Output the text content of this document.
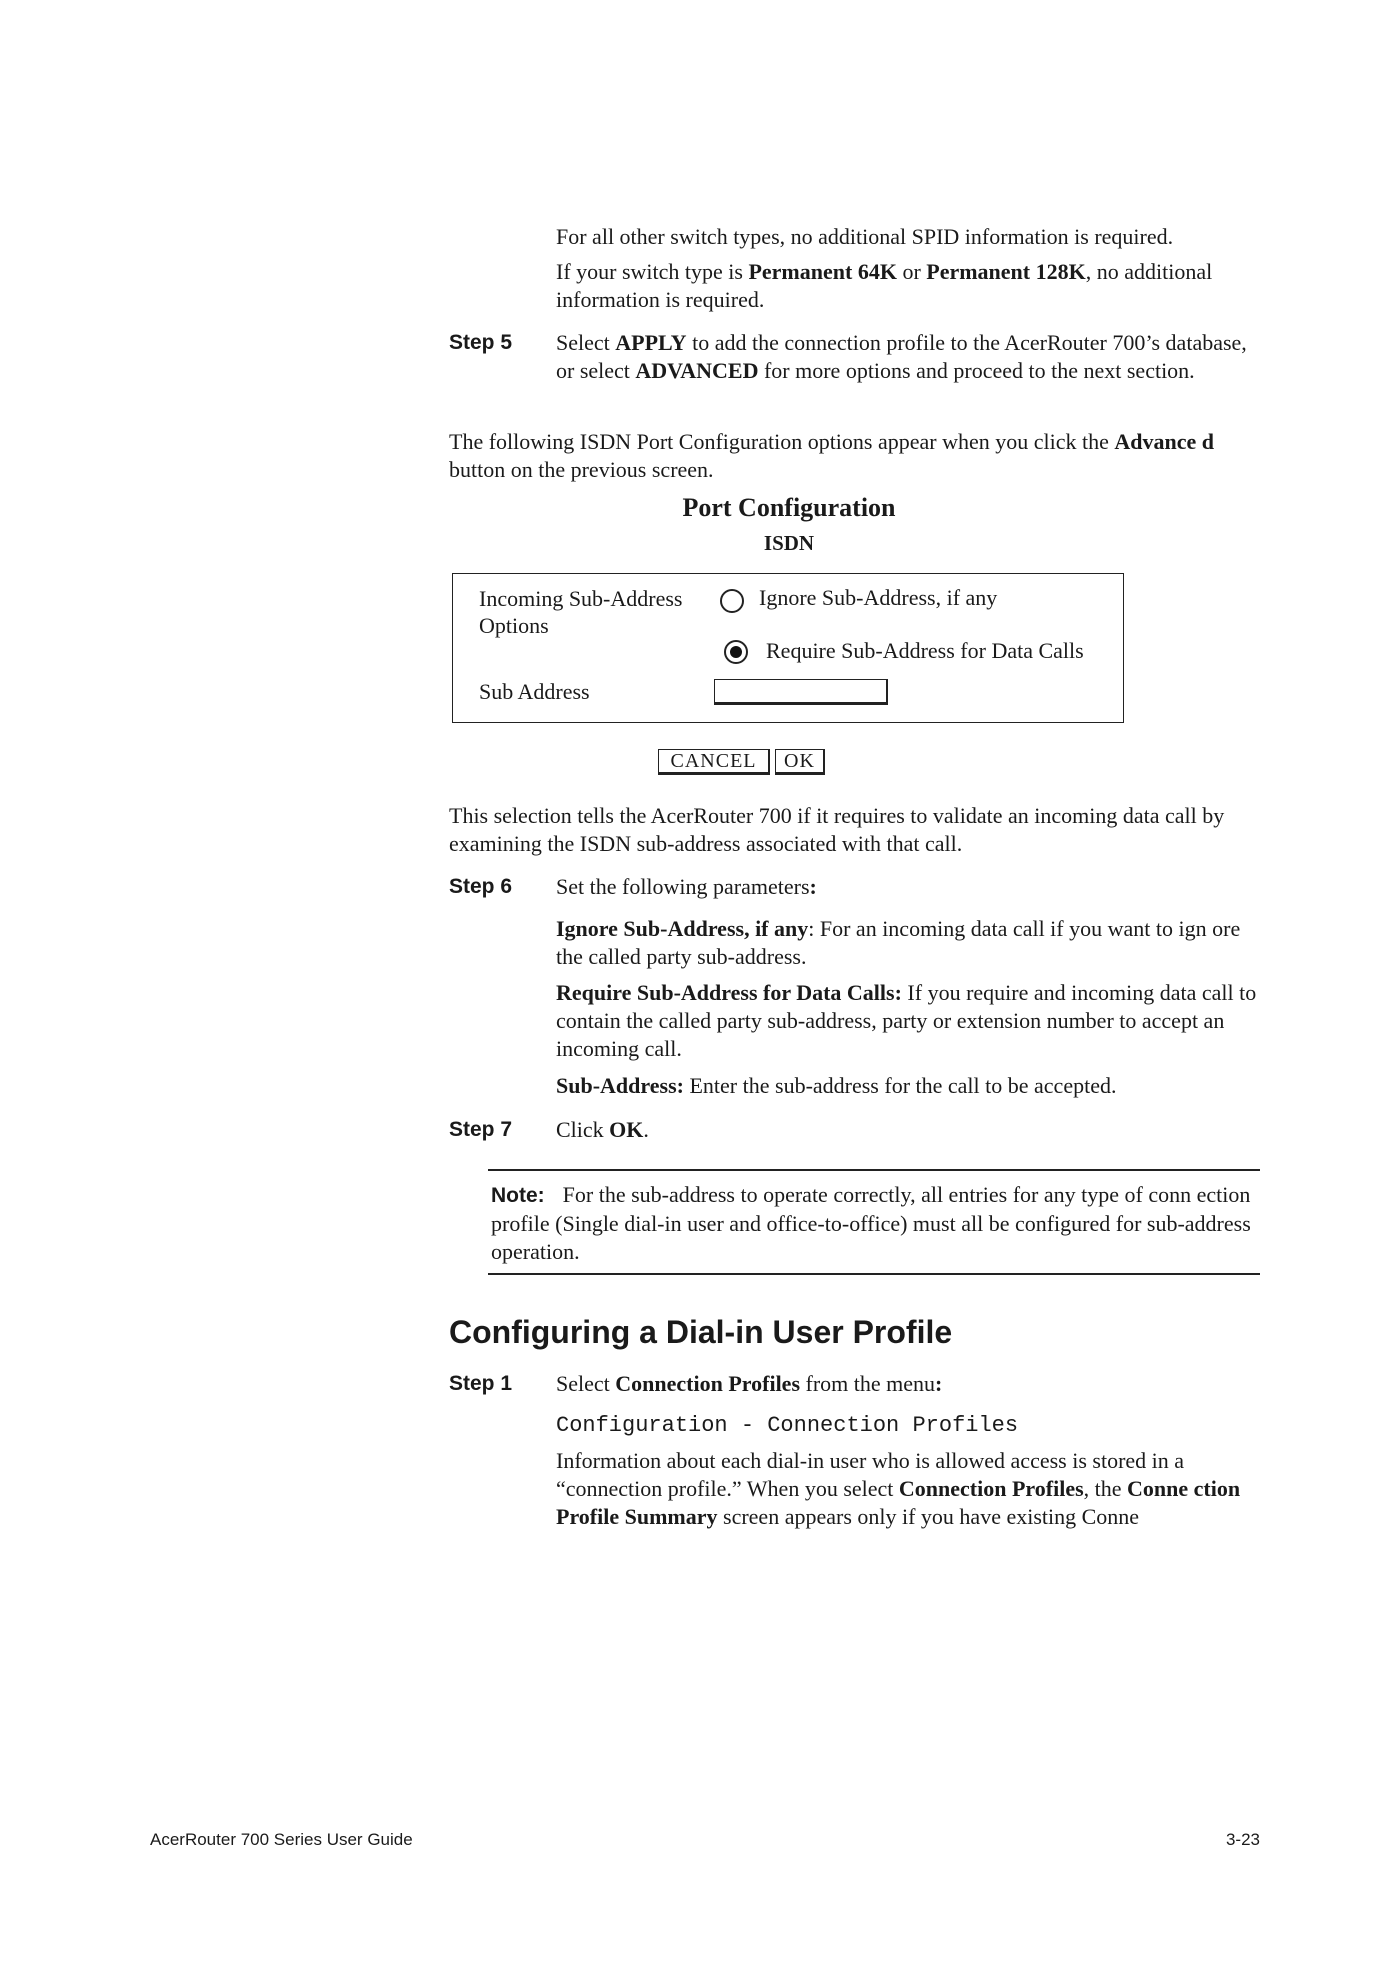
For all other switch types, no additional SPID information is required.

If your switch type is Permanent 64K or Permanent 128K, no additional information is required.

Step 5 Select APPLY to add the connection profile to the AcerRouter 700’s database, or select ADVANCED for more options and proceed to the next section.

The following ISDN Port Configuration options appear when you click the Advance d button on the previous screen.

Port Configuration
ISDN
Incoming Sub-Address Options
Ignore Sub-Address, if any
Require Sub-Address for Data Calls
Sub Address
CANCEL	OK

This selection tells the AcerRouter 700 if it requires to validate an incoming data call by examining the ISDN sub-address associated with that call.

Step 6 Set the following parameters:

Ignore Sub-Address, if any: For an incoming data call if you want to ign ore the called party sub-address.

Require Sub-Address for Data Calls: If you require and incoming data call to contain the called party sub-address, party or extension number to accept an incoming call.

Sub-Address: Enter the sub-address for the call to be accepted.

Step 7 Click OK.

Note: For the sub-address to operate correctly, all entries for any type of conn ection profile (Single dial-in user and office-to-office) must all be configured for sub-address operation.

Configuring a Dial-in User Profile
Step 1 Select Connection Profiles from the menu:

Configuration - Connection Profiles

Information about each dial-in user who is allowed access is stored in a “connection profile.” When you select Connection Profiles, the Conne ction Profile Summary screen appears only if you have existing Conne

AcerRouter 700 Series User Guide	3-23
